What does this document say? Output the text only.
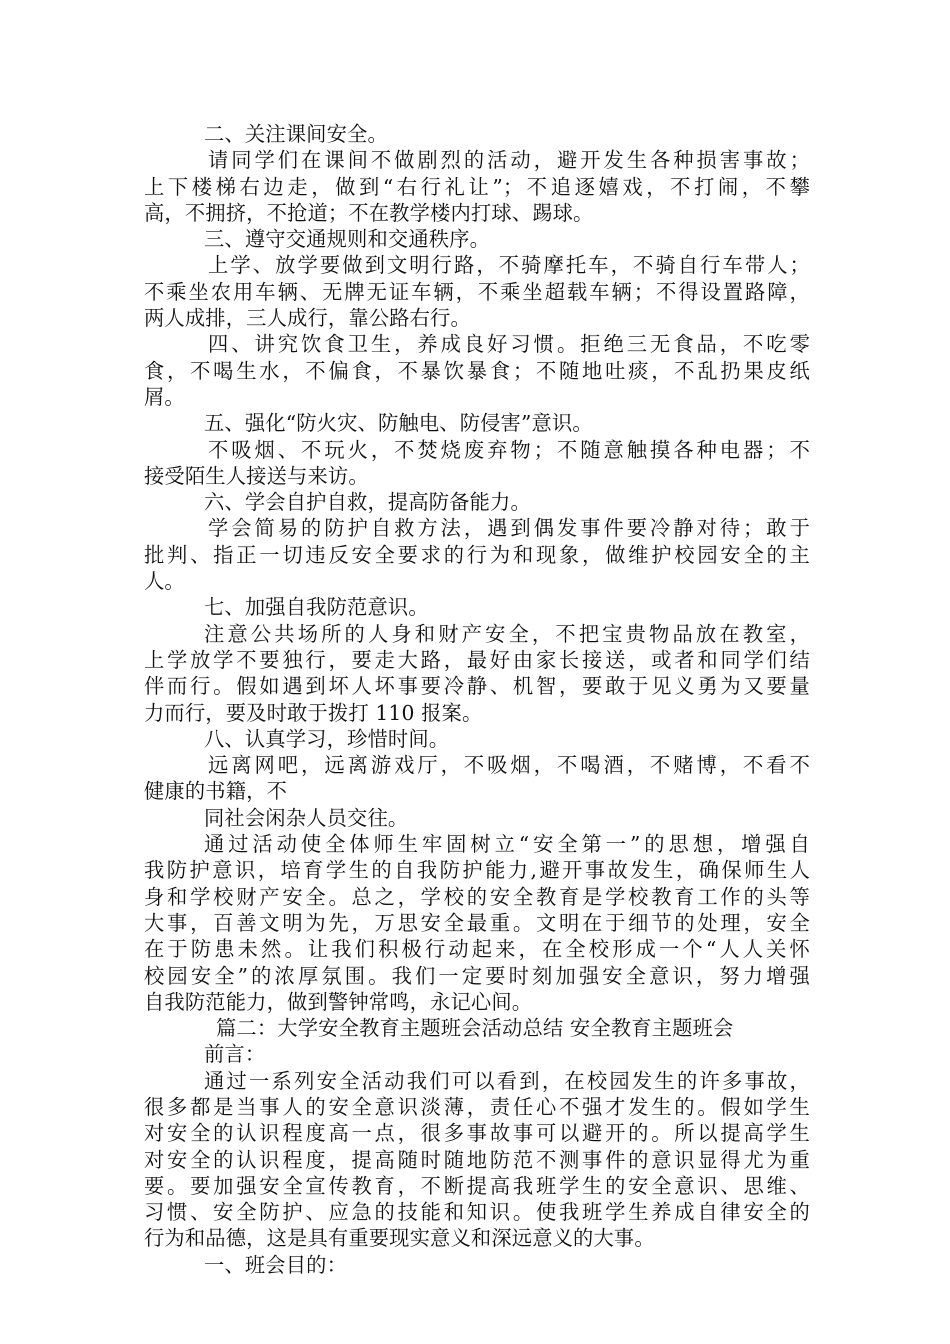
二、关注课间安全。
请同学们在课间不做剧烈的活动，避开发生各种损害事故；
上下楼梯右边走，做到“右行礼让”；不追逐嬉戏，不打闹，不攀
高，不拥挤，不抢道；不在教学楼内打球、踢球。
三、遵守交通规则和交通秩序。
上学、放学要做到文明行路，不骑摩托车，不骑自行车带人；
不乘坐农用车辆、无牌无证车辆，不乘坐超载车辆；不得设置路障，
两人成排，三人成行，靠公路右行。
四、讲究饮食卫生，养成良好习惯。拒绝三无食品，不吃零
食，不喝生水，不偏食，不暴饮暴食；不随地吐痰，不乱扔果皮纸
屑。
五、强化“防火灾、防触电、防侵害”意识。
不吸烟、不玩火，不焚烧废弃物；不随意触摸各种电器；不
接受陌生人接送与来访。
六、学会自护自救，提高防备能力。
学会简易的防护自救方法，遇到偶发事件要冷静对待；敢于
批判、指正一切违反安全要求的行为和现象，做维护校园安全的主
人。
七、加强自我防范意识。
注意公共场所的人身和财产安全，不把宝贵物品放在教室，
上学放学不要独行，要走大路，最好由家长接送，或者和同学们结
伴而行。假如遇到坏人坏事要冷静、机智，要敢于见义勇为又要量
力而行，要及时敢于拨打 110 报案。
八、认真学习，珍惜时间。
远离网吧，远离游戏厅，不吸烟，不喝酒，不赌博，不看不
健康的书籍，不
同社会闲杂人员交往。
通过活动使全体师生牢固树立“安全第一”的思想，增强自
我防护意识，培育学生的自我防护能力,避开事故发生，确保师生人
身和学校财产安全。总之，学校的安全教育是学校教育工作的头等
大事，百善文明为先，万思安全最重。文明在于细节的处理，安全
在于防患未然。让我们积极行动起来，在全校形成一个“人人关怀
校园安全”的浓厚氛围。我们一定要时刻加强安全意识，努力增强
自我防范能力，做到警钟常鸣，永记心间。
篇二：大学安全教育主题班会活动总结 安全教育主题班会
前言：
通过一系列安全活动我们可以看到，在校园发生的许多事故，
很多都是当事人的安全意识淡薄，责任心不强才发生的。假如学生
对安全的认识程度高一点，很多事故事可以避开的。所以提高学生
对安全的认识程度，提高随时随地防范不测事件的意识显得尤为重
要。要加强安全宣传教育，不断提高我班学生的安全意识、思维、
习惯、安全防护、应急的技能和知识。使我班学生养成自律安全的
行为和品德，这是具有重要现实意义和深远意义的大事。
一、班会目的：
